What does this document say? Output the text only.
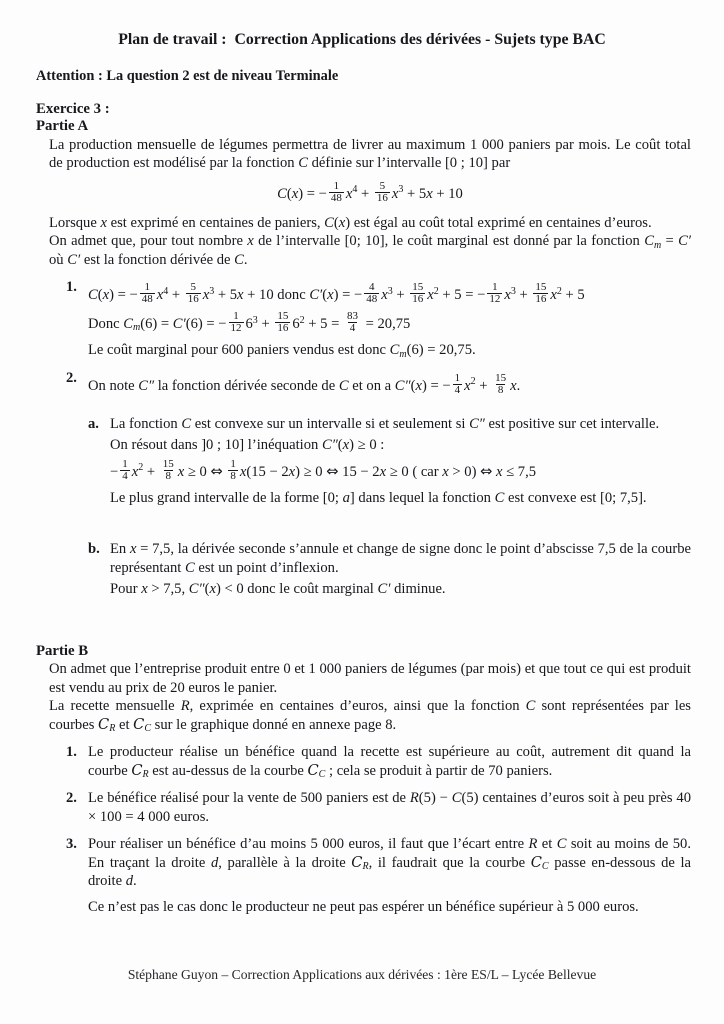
Plan de travail :  Correction Applications des dérivées - Sujets type BAC
Attention : La question 2 est de niveau Terminale
Exercice 3 :
Partie A

La production mensuelle de légumes permettra de livrer au maximum 1 000 paniers par mois. Le coût total de production est modélisé par la fonction C définie sur l’intervalle [0 ; 10] par

C(x) = − $\frac{1}{48} x^4 + \frac{5}{16} x^3 + 5x + 10$

Lorsque x est exprimé en centaines de paniers, C(x) est égal au coût total exprimé en centaines d’euros.

On admet que, pour tout nombre x de l’intervalle [0; 10], le coût marginal est donné par la fonction $C_m = C'$ où C′ est la fonction dérivée de C.

1. C(x) = − $\frac{1}{48} x^4 + \frac{5}{16} x^3 + 5x + 10$ donc C′(x) = − $\frac{4}{48} x^3 + \frac{15}{16} x^2 + 5$ = − $\frac{1}{12} x^3 + \frac{15}{16} x^2 + 5$
Donc $C_m(6) = C'(6)$ = − $\frac{1}{12} 6^3 + \frac{15}{16} 6^2 + 5 = \frac{83}{4} = 20,75$
Le coût marginal pour 600 paniers vendus est donc $C_m(6) = 20,75$.
2. On note C″ la fonction dérivée seconde de C et on a C″(x) = − $\frac{1}{4} x^2 + \frac{15}{8} x$.
a. La fonction C est convexe sur un intervalle si et seulement si C″ est positive sur cet intervalle.
On résout dans ]0 ; 10] l’inéquation C″(x) ≥ 0 :
− $\frac{1}{4} x^2 + \frac{15}{8}$ x ≥ 0 ⇔ $\frac{1}{8} x(15 - 2x) \ge 0$ ⇔ 15 − 2x ≥ 0 ( car x > 0) ⇔ x ≤ 7,5
Le plus grand intervalle de la forme [0; a] dans lequel la fonction C est convexe est [0; 7,5].
b. En x = 7,5, la dérivée seconde s’annule et change de signe donc le point d’abscisse 7,5 de la courbe représentant C est un point d’inflexion.
Pour x > 7,5, C″(x) < 0 donc le coût marginal C′ diminue.
Partie B

On admet que l’entreprise produit entre 0 et 1 000 paniers de légumes (par mois) et que tout ce qui est produit est vendu au prix de 20 euros le panier.

La recette mensuelle R, exprimée en centaines d’euros, ainsi que la fonction C sont représentées par les courbes $C_R$ et $C_C$ sur le graphique donné en annexe page 8.

1. Le producteur réalise un bénéfice quand la recette est supérieure au coût, autrement dit quand la courbe $C_R$ est au-dessus de la courbe $C_C$ ; cela se produit à partir de 70 paniers.
2. Le bénéfice réalisé pour la vente de 500 paniers est de R(5) − C(5) centaines d’euros soit à peu près 40 × 100 = 4 000 euros.
3. Pour réaliser un bénéfice d’au moins 5 000 euros, il faut que l’écart entre R et C soit au moins de 50. En traçant la droite d, parallèle à la droite $C_R$, il faudrait que la courbe $C_C$ passe en-dessous de la droite d.
Ce n’est pas le cas donc le producteur ne peut pas espérer un bénéfice supérieur à 5 000 euros.
Stéphane Guyon – Correction Applications aux dérivées : 1ère ES/L – Lycée Bellevue
